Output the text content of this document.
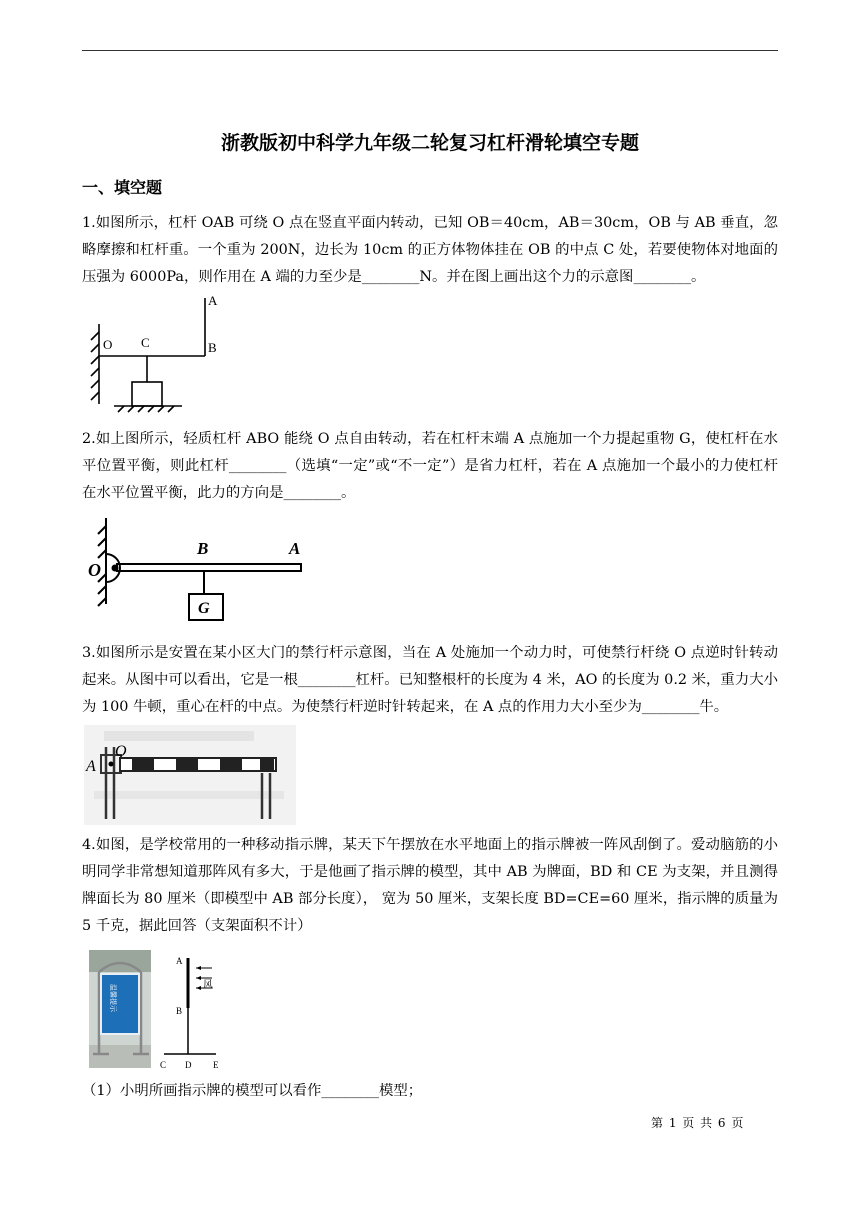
浙教版初中科学九年级二轮复习杠杆滑轮填空专题
一、填空题
1.如图所示，杠杆 OAB 可绕 O 点在竖直平面内转动，已知 OB＝40cm，AB＝30cm，OB 与 AB 垂直，忽略摩擦和杠杆重。一个重为 200N，边长为 10cm 的正方体物体挂在 OB 的中点 C 处，若要使物体对地面的压强为 6000Pa，则作用在 A 端的力至少是________N。并在图上画出这个力的示意图________。
A
B
O C
2.如上图所示，轻质杠杆 ABO 能绕 O 点自由转动，若在杠杆末端 A 点施加一个力提起重物 G，使杠杆在水平位置平衡，则此杠杆________（选填“一定”或“不一定”）是省力杠杆，若在 A 点施加一个最小的力使杠杆在水平位置平衡，此力的方向是________。
O
B	A
G
3.如图所示是安置在某小区大门的禁行杆示意图，当在 A 处施加一个动力时，可使禁行杆绕 O 点逆时针转动起来。从图中可以看出，它是一根________杠杆。已知整根杆的长度为 4 米，AO 的长度为 0.2 米，重力大小为 100 牛顿，重心在杆的中点。为使禁行杆逆时针转起来，在 A 点的作用力大小至少为________牛。
A
O
4.如图，是学校常用的一种移动指示牌，某天下午摆放在水平地面上的指示牌被一阵风刮倒了。爱动脑筋的小明同学非常想知道那阵风有多大，于是他画了指示牌的模型，其中 AB 为牌面，BD 和 CE 为支架，并且测得牌面长为 80 厘米（即模型中 AB 部分长度）， 宽为 50 厘米，支架长度 BD=CE=60 厘米，指示牌的质量为 5 千克，据此回答（支架面积不计）
温馨提示
A
B
风
C D E
（1）小明所画指示牌的模型可以看作________模型；
第 1 页 共 6 页
